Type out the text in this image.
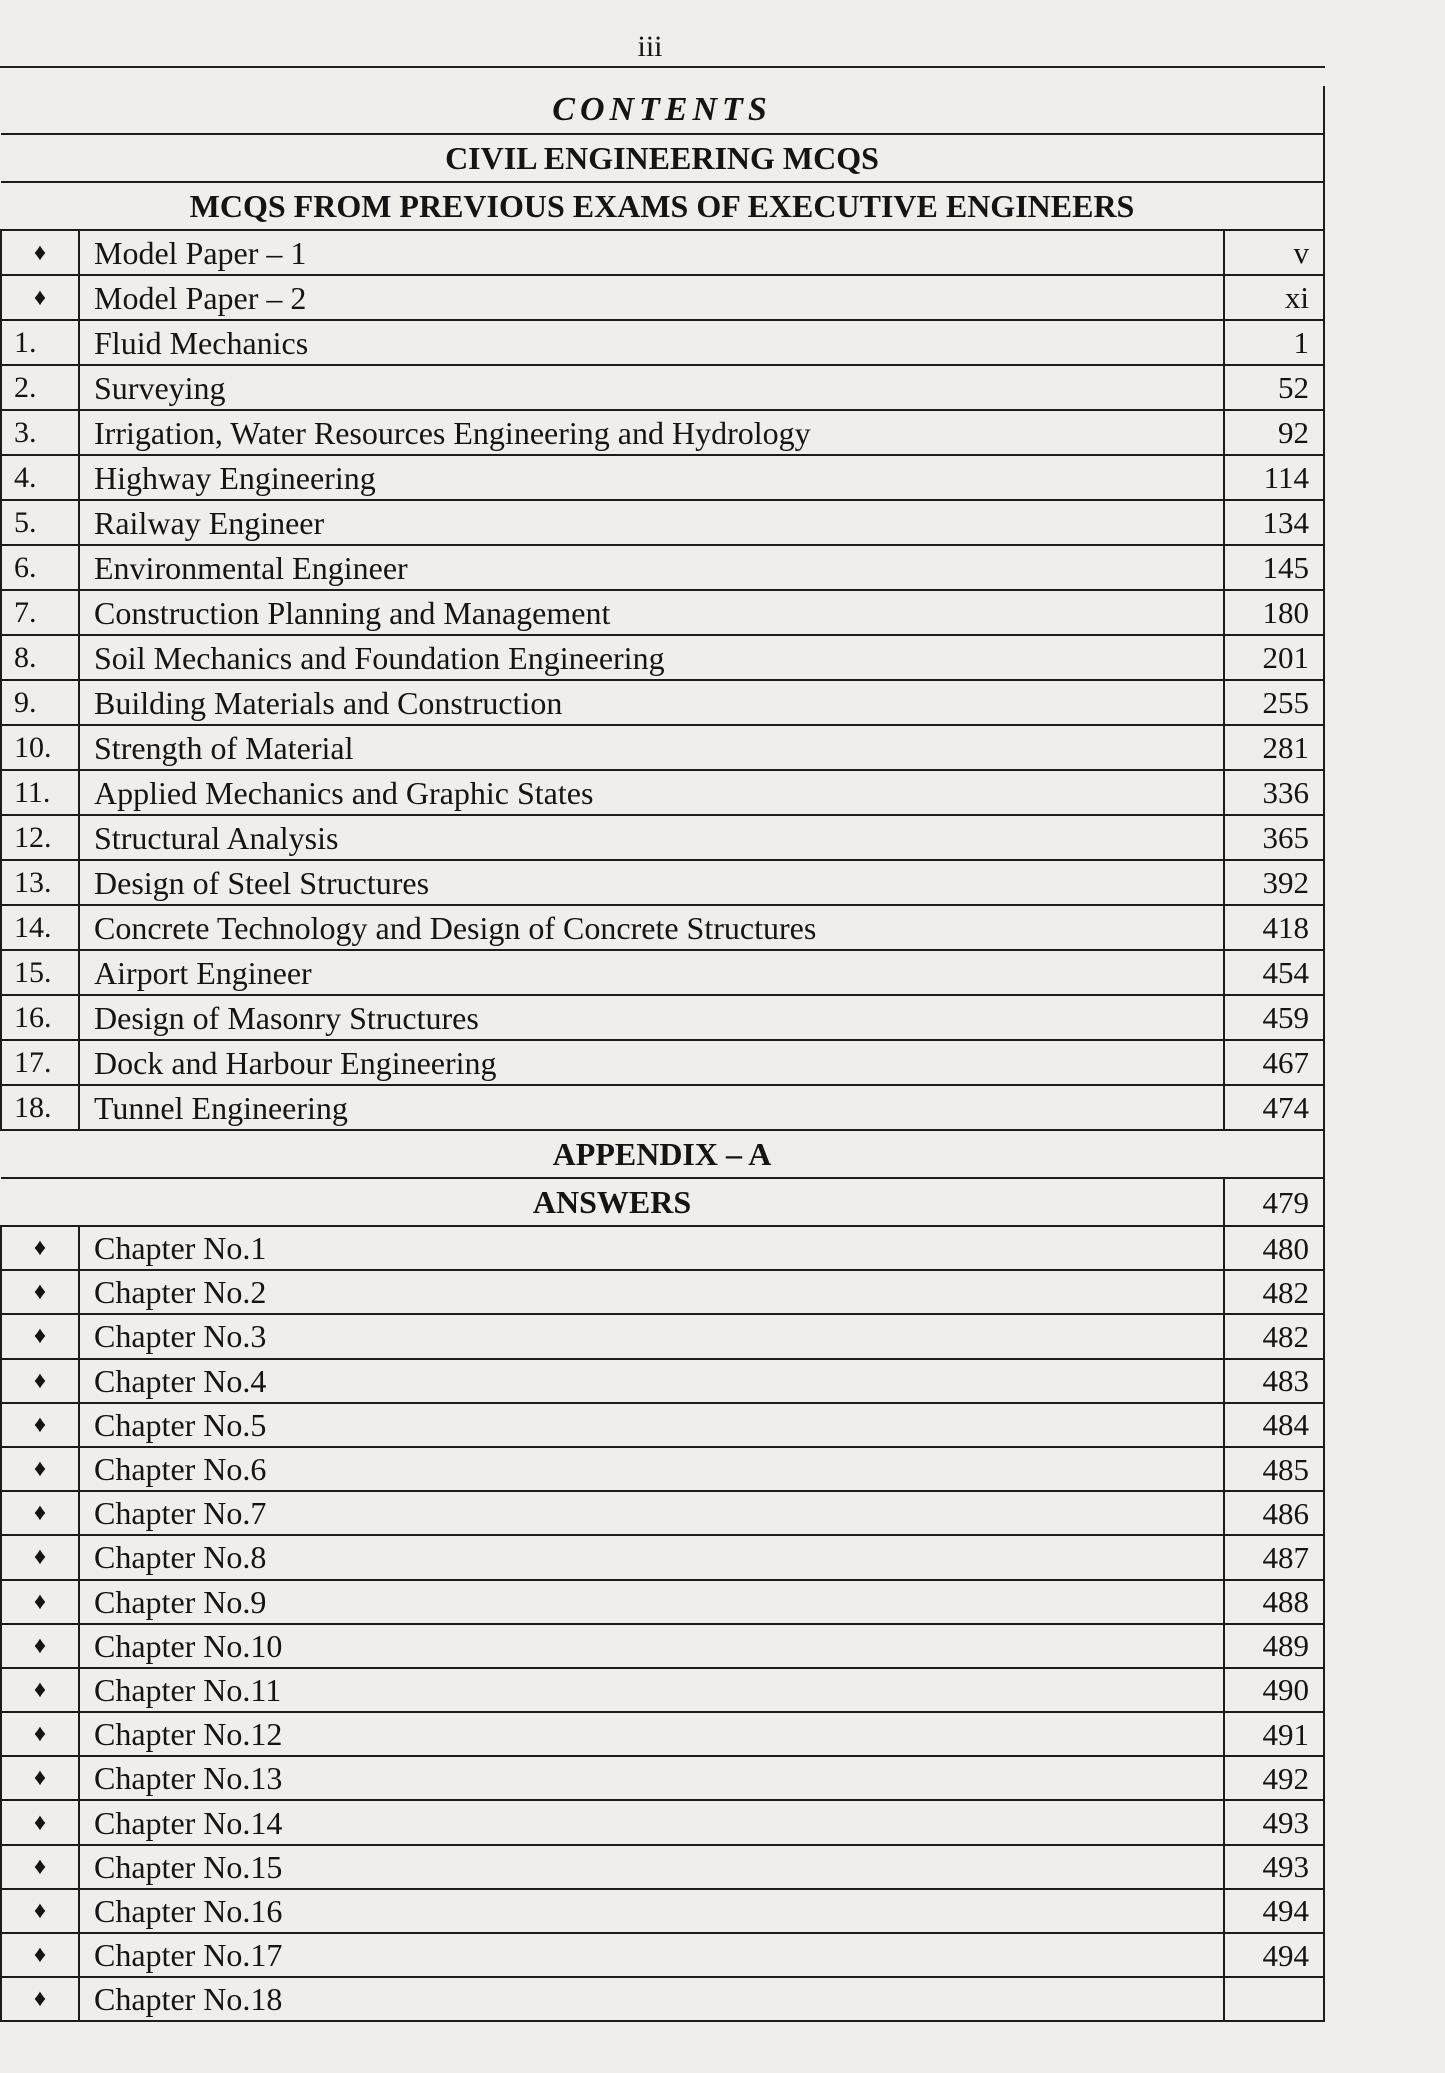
iii
CONTENTS		
CIVIL ENGINEERING MCQS		
MCQS FROM PREVIOUS EXAMS OF EXECUTIVE ENGINEERS		
♦	Model Paper – 1	v
♦	Model Paper – 2	xi
1.	Fluid Mechanics	1
2.	Surveying	52
3.	Irrigation, Water Resources Engineering and Hydrology	92
4.	Highway Engineering	114
5.	Railway Engineer	134
6.	Environmental Engineer	145
7.	Construction Planning and Management	180
8.	Soil Mechanics and Foundation Engineering	201
9.	Building Materials and Construction	255
10.	Strength of Material	281
11.	Applied Mechanics and Graphic States	336
12.	Structural Analysis	365
13.	Design of Steel Structures	392
14.	Concrete Technology and Design of Concrete Structures	418
15.	Airport Engineer	454
16.	Design of Masonry Structures	459
17.	Dock and Harbour Engineering	467
18.	Tunnel Engineering	474
APPENDIX – A		
ANSWERS		479
♦	Chapter No.1	480
♦	Chapter No.2	482
♦	Chapter No.3	482
♦	Chapter No.4	483
♦	Chapter No.5	484
♦	Chapter No.6	485
♦	Chapter No.7	486
♦	Chapter No.8	487
♦	Chapter No.9	488
♦	Chapter No.10	489
♦	Chapter No.11	490
♦	Chapter No.12	491
♦	Chapter No.13	492
♦	Chapter No.14	493
♦	Chapter No.15	493
♦	Chapter No.16	494
♦	Chapter No.17	494
♦	Chapter No.18	
